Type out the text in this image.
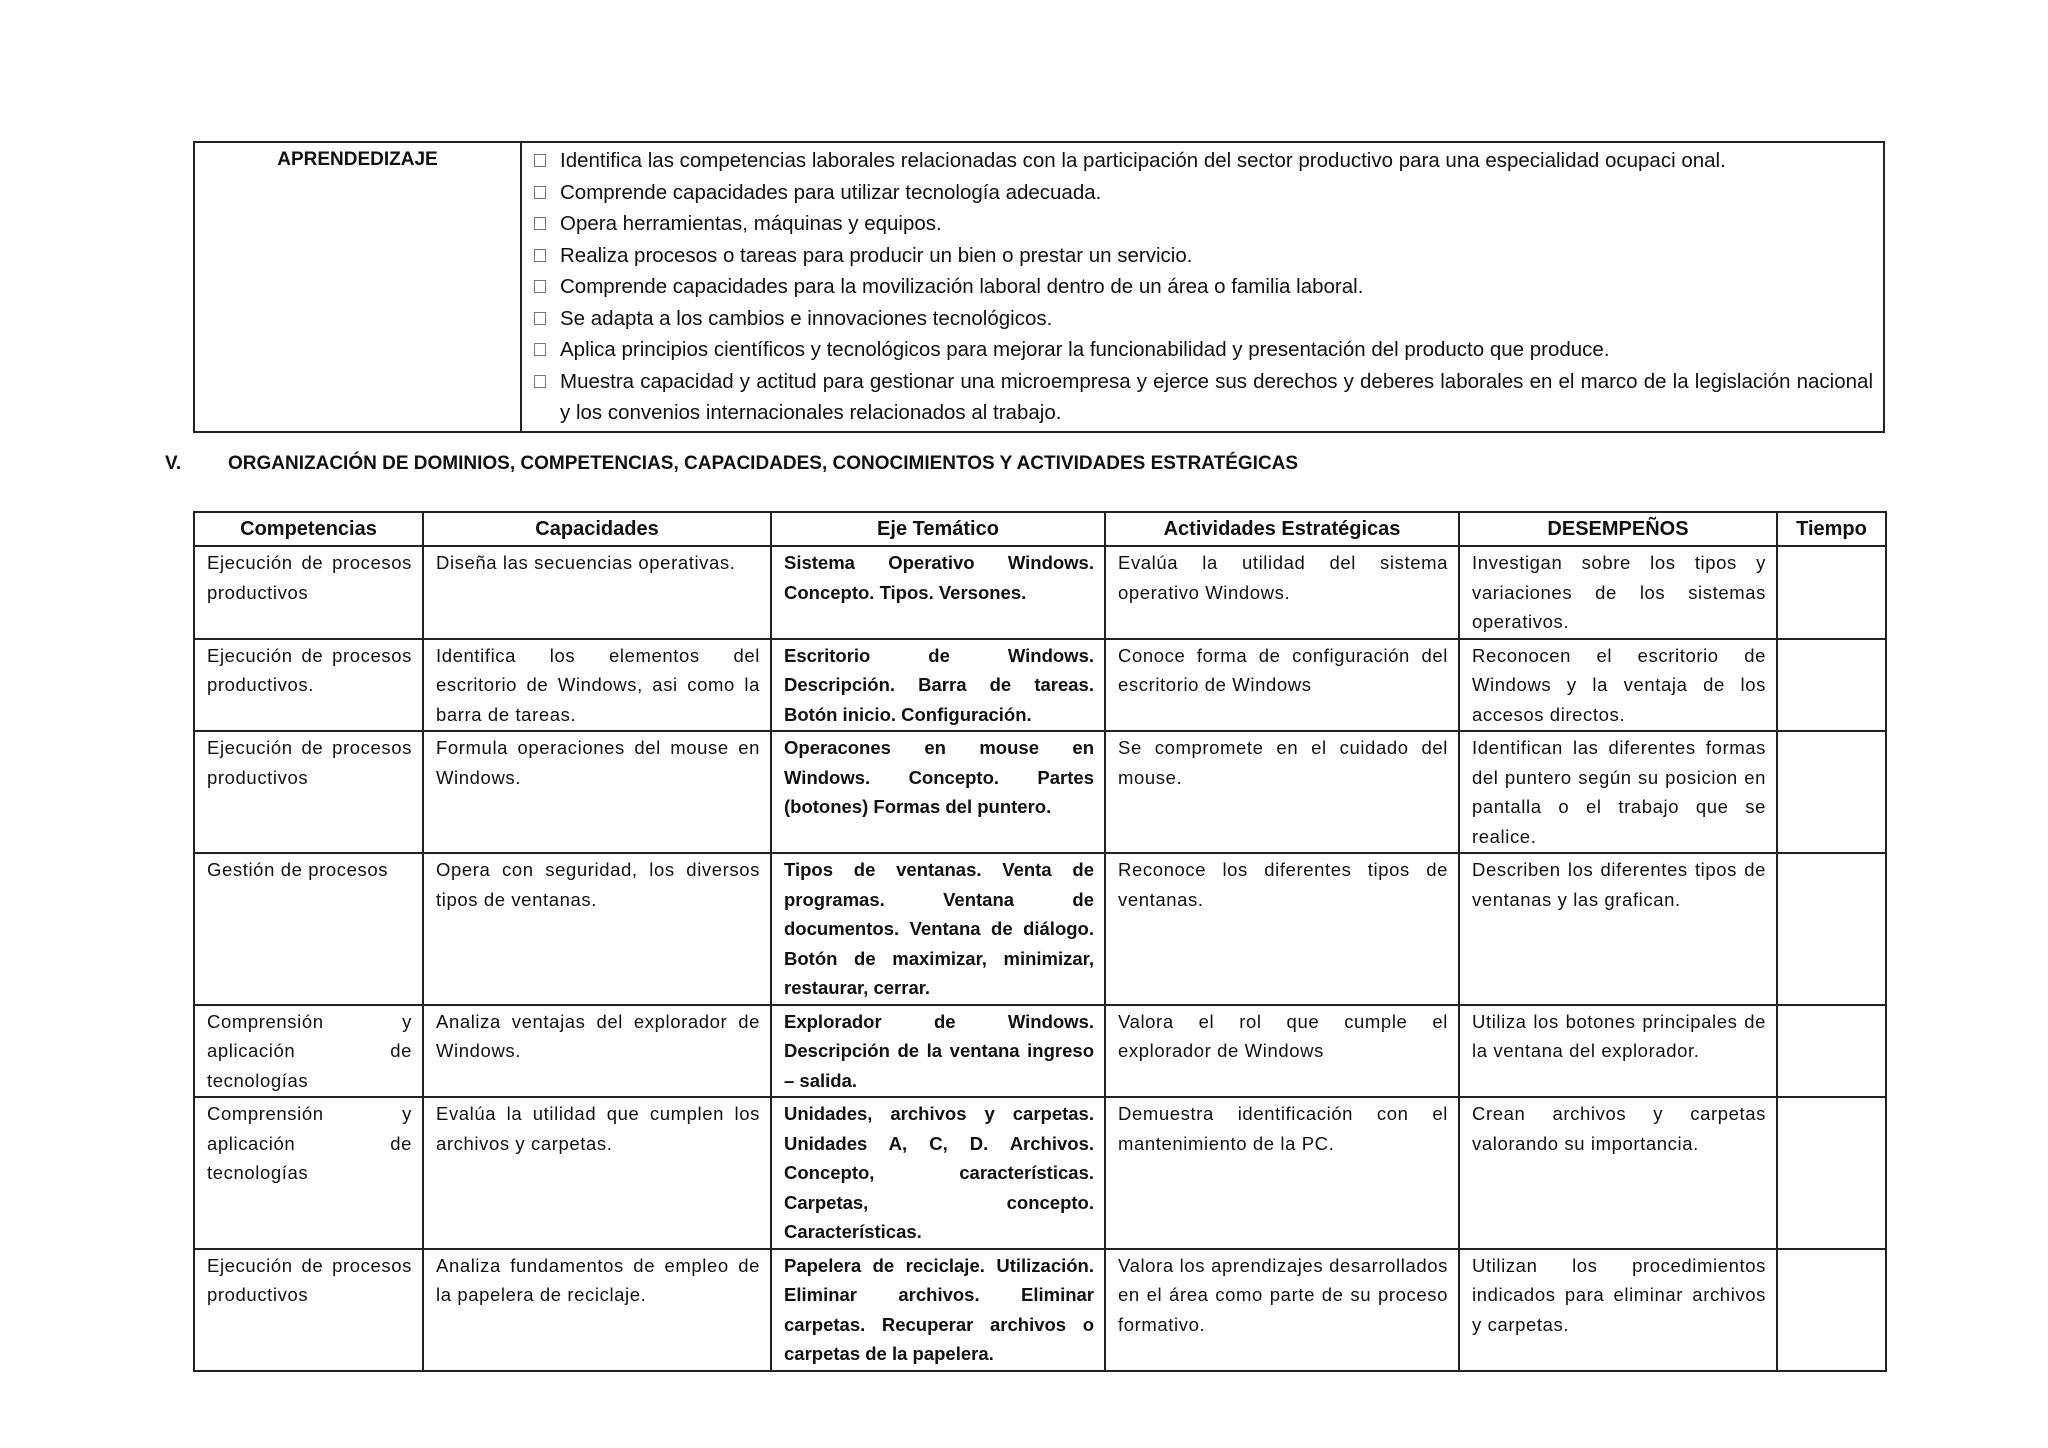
APRENDEDIZAJE	Identifica las competencias laborales relacionadas con la participación del sector productivo para una especialidad ocupaci onal.
Comprende capacidades para utilizar tecnología adecuada.
Opera herramientas, máquinas y equipos.
Realiza procesos o tareas para producir un bien o prestar un servicio.
Comprende capacidades para la movilización laboral dentro de un área o familia laboral.
Se adapta a los cambios e innovaciones tecnológicos.
Aplica principios científicos y tecnológicos para mejorar la funcionabilidad y presentación del producto que produce.
Muestra capacidad y actitud para gestionar una microempresa y ejerce sus derechos y deberes laborales en el marco de la legislación nacional y los convenios internacionales relacionados al trabajo.
V. ORGANIZACIÓN DE DOMINIOS, COMPETENCIAS, CAPACIDADES, CONOCIMIENTOS Y ACTIVIDADES ESTRATÉGICAS
Competencias	Capacidades	Eje Temático	Actividades Estratégicas	DESEMPEÑOS	Tiempo
Ejecución de procesos productivos	Diseña las secuencias operativas.	Sistema Operativo Windows. Concepto. Tipos. Versones.	Evalúa la utilidad del sistema operativo Windows.	Investigan sobre los tipos y variaciones de los sistemas operativos.	
Ejecución de procesos productivos.	Identifica los elementos del escritorio de Windows, asi como la barra de tareas.	Escritorio de Windows. Descripción. Barra de tareas. Botón inicio. Configuración.	Conoce forma de configuración del escritorio de Windows	Reconocen el escritorio de Windows y la ventaja de los accesos directos.	
Ejecución de procesos productivos	Formula operaciones del mouse en Windows.	Operacones en mouse en Windows. Concepto. Partes (botones) Formas del puntero.	Se compromete en el cuidado del mouse.	Identifican las diferentes formas del puntero según su posicion en pantalla o el trabajo que se realice.	
Gestión de procesos	Opera con seguridad, los diversos tipos de ventanas.	Tipos de ventanas. Venta de programas. Ventana de documentos. Ventana de diálogo. Botón de maximizar, minimizar, restaurar, cerrar.	Reconoce los diferentes tipos de ventanas.	Describen los diferentes tipos de ventanas y las grafican.	
Comprensión y aplicación de tecnologías	Analiza ventajas del explorador de Windows.	Explorador de Windows. Descripción de la ventana ingreso – salida.	Valora el rol que cumple el explorador de Windows	Utiliza los botones principales de la ventana del explorador.	
Comprensión y aplicación de tecnologías	Evalúa la utilidad que cumplen los archivos y carpetas.	Unidades, archivos y carpetas. Unidades A, C, D. Archivos. Concepto, características. Carpetas, concepto. Características.	Demuestra identificación con el mantenimiento de la PC.	Crean archivos y carpetas valorando su importancia.	
Ejecución de procesos productivos	Analiza fundamentos de empleo de la papelera de reciclaje.	Papelera de reciclaje. Utilización. Eliminar archivos. Eliminar carpetas. Recuperar archivos o carpetas de la papelera.	Valora los aprendizajes desarrollados en el área como parte de su proceso formativo.	Utilizan los procedimientos indicados para eliminar archivos y carpetas.	
